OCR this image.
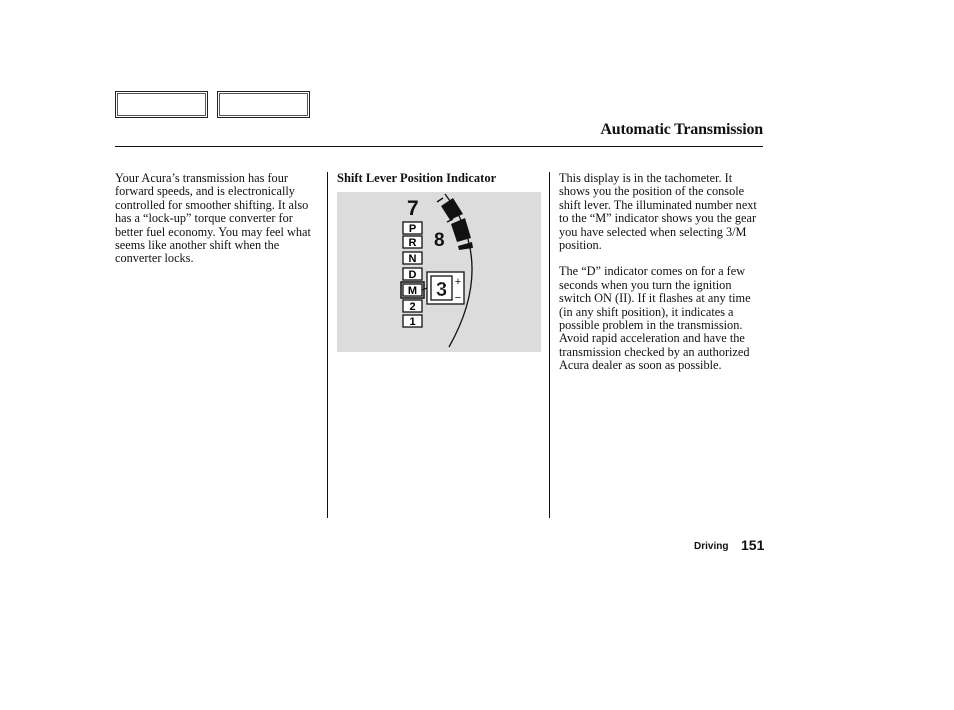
Automatic Transmission
Your Acura’s transmission has four forward speeds, and is electronically controlled for smoother shifting. It also has a “lock-up” torque converter for better fuel economy. You may feel what seems like another shift when the converter locks.
Shift Lever Position Indicator
7
8
P
R
N
D
M
2
1
3 +
−

This display is in the tachometer. It shows you the position of the console shift lever. The illuminated number next to the “M” indicator shows you the gear you have selected when selecting 3/M position.

The “D” indicator comes on for a few seconds when you turn the ignition switch ON (II). If it flashes at any time (in any shift position), it indicates a possible problem in the transmission. Avoid rapid acceleration and have the transmission checked by an authorized Acura dealer as soon as possible.

Driving 151
